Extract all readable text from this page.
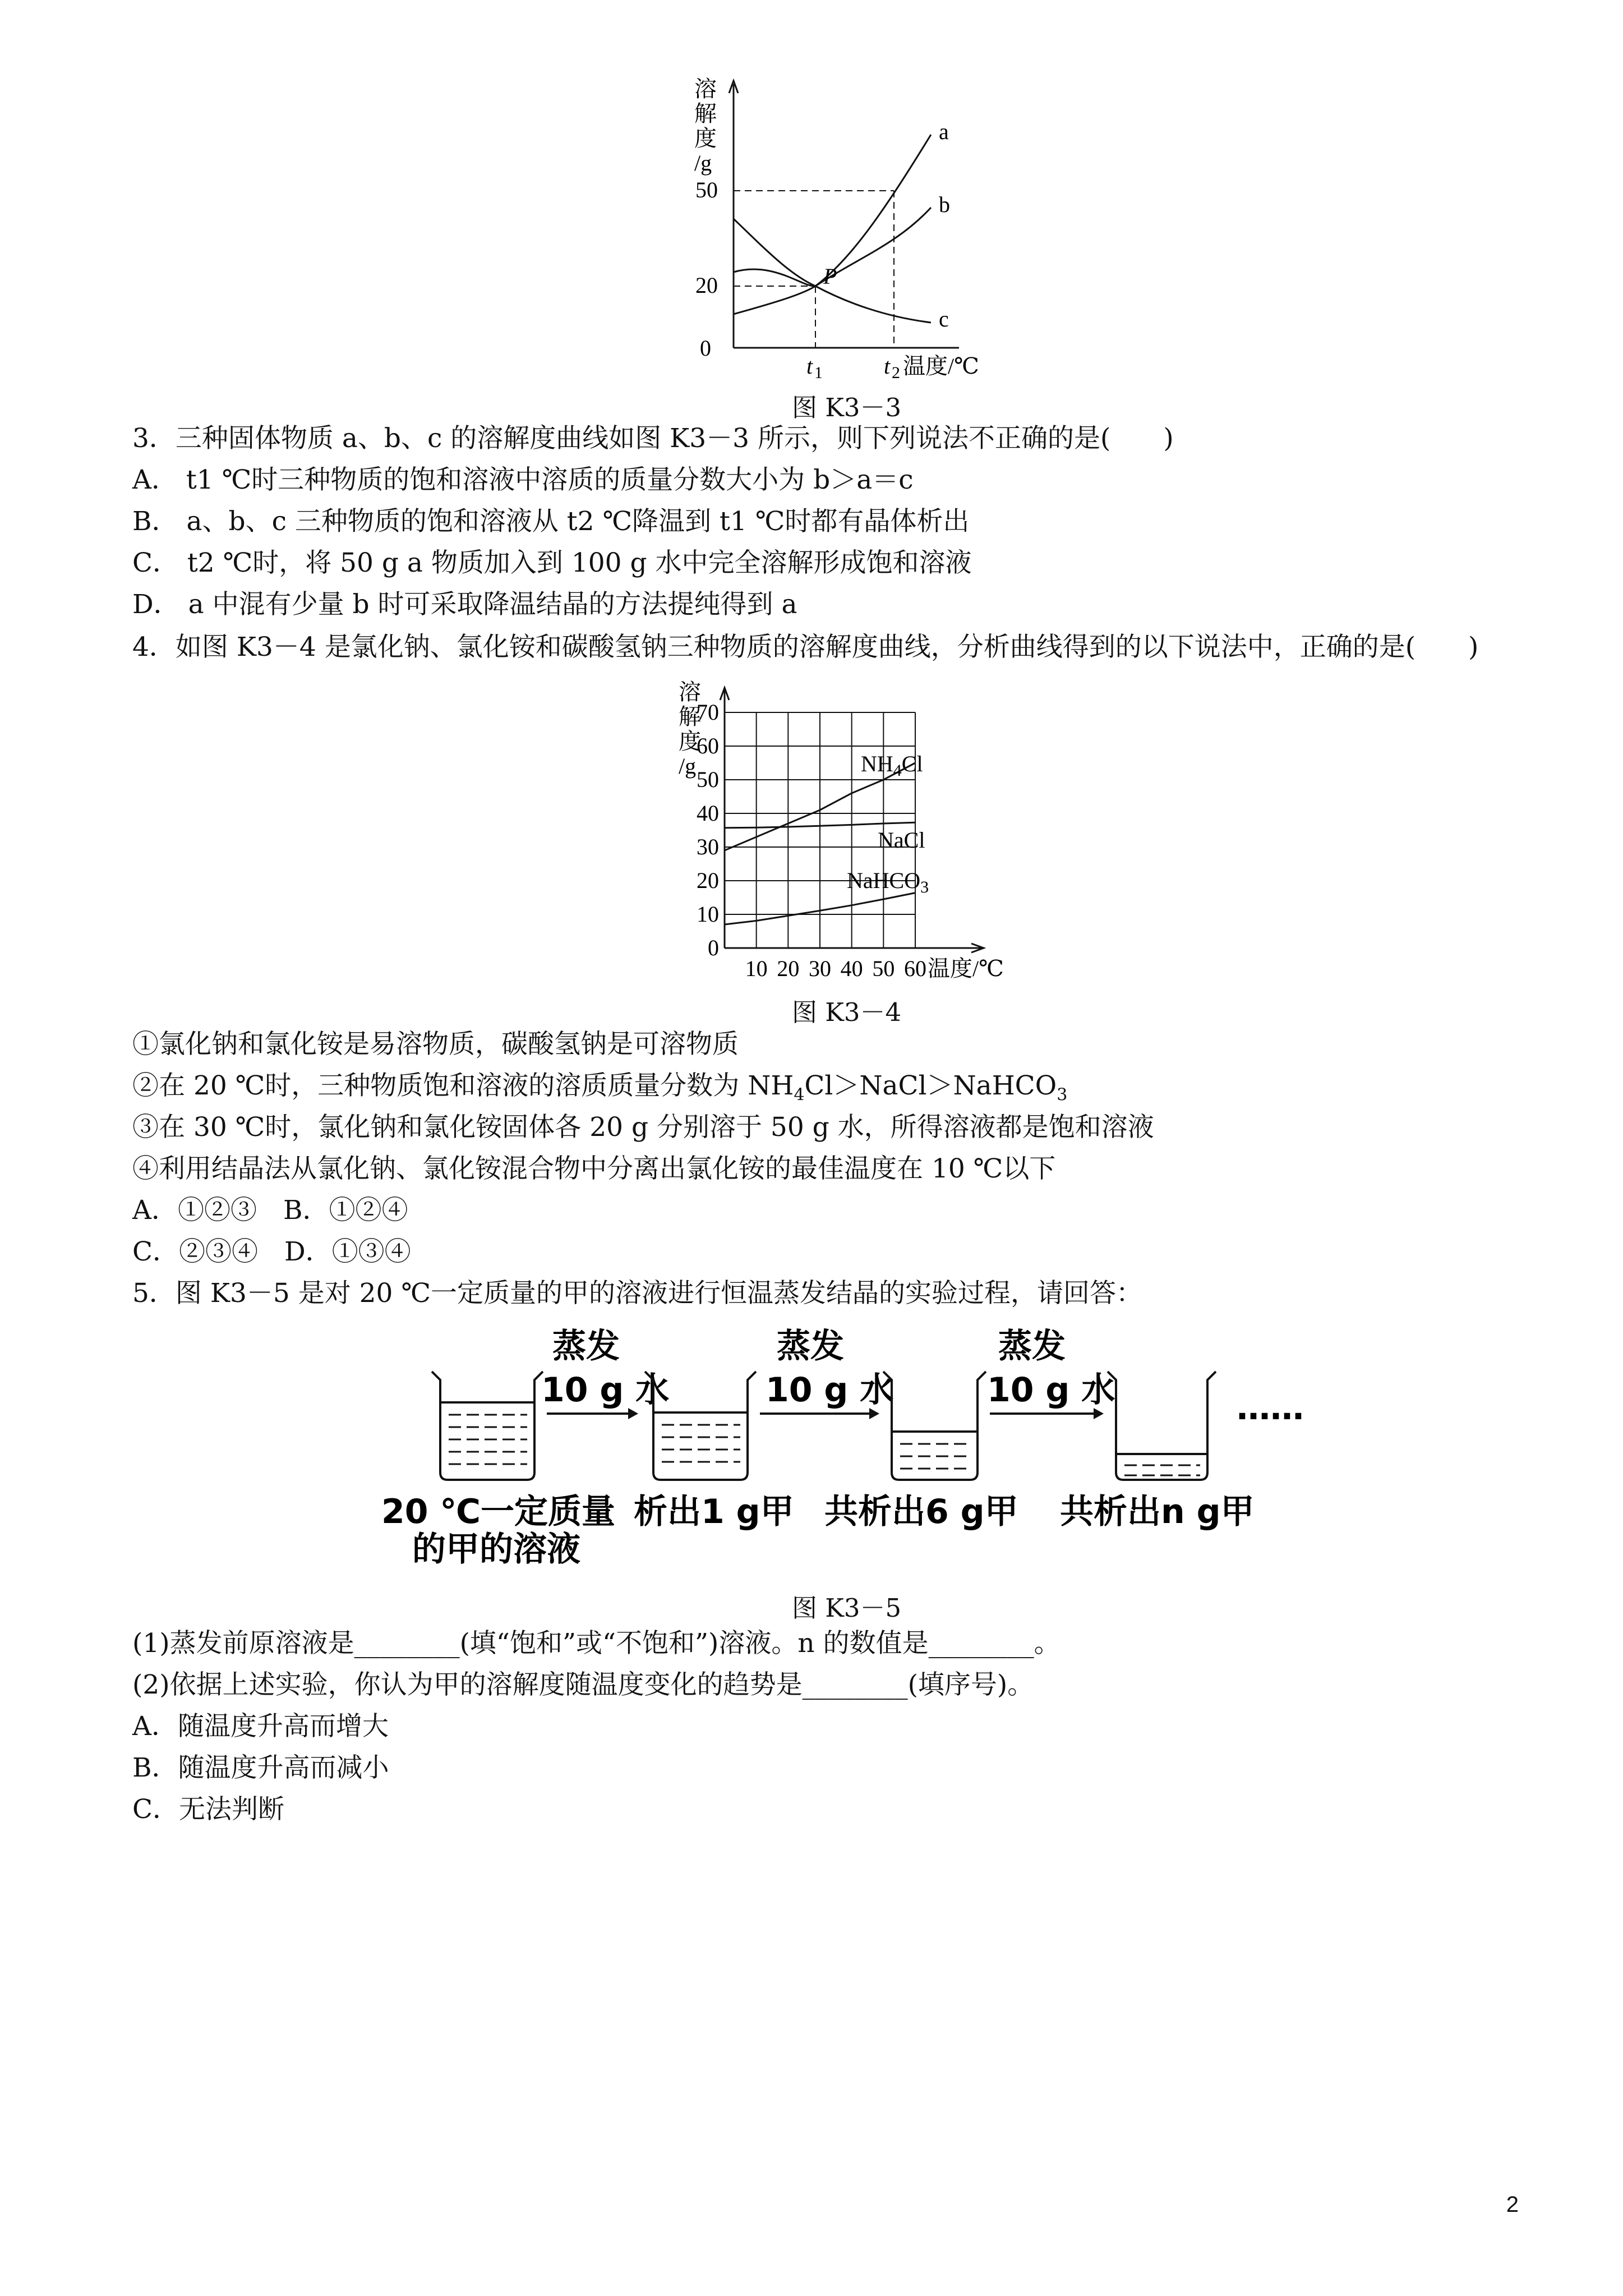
溶
解
度
/g
50
20
0
a
b
c
P
t 1	t 2 温度/℃
图 K3－3
3．三种固体物质 a、b、c 的溶解度曲线如图 K3－3 所示，则下列说法不正确的是(　　)
A． t1 ℃时三种物质的饱和溶液中溶质的质量分数大小为 b＞a＝c
B． a、b、c 三种物质的饱和溶液从 t2 ℃降温到 t1 ℃时都有晶体析出
C． t2 ℃时，将 50 g a 物质加入到 100 g 水中完全溶解形成饱和溶液
D． a 中混有少量 b 时可采取降温结晶的方法提纯得到 a
4．如图 K3－4 是氯化钠、氯化铵和碳酸氢钠三种物质的溶解度曲线，分析曲线得到的以下说法中，正确的是(　　)
溶
解
度
/g
70
60
50
40
30
20
10
0
10 20 30 40 50 60 温度/℃
$NH_4Cl$
NaCl
NaHCO$_3$
图 K3－4
①氯化钠和氯化铵是易溶物质，碳酸氢钠是可溶物质
②在 20 ℃时，三种物质饱和溶液的溶质质量分数为 $NH_4Cl>NaCl>NaHCO_3$
③在 30 ℃时，氯化钠和氯化铵固体各 20 g 分别溶于 50 g 水，所得溶液都是饱和溶液
④利用结晶法从氯化钠、氯化铵混合物中分离出氯化铵的最佳温度在 10 ℃以下
A．①②③　B．①②④
C．②③④　D．①③④
5．图 K3－5 是对 20 ℃一定质量的甲的溶液进行恒温蒸发结晶的实验过程，请回答：
蒸发
10 g 水
蒸发
10 g 水
蒸发
10 g 水	……
20 ℃一定质量
的甲的溶液
析出1 g甲 共析出6 g甲 共析出n g甲
图 K3－5
(1)蒸发前原溶液是________(填“饱和”或“不饱和”)溶液。n 的数值是________。
(2)依据上述实验，你认为甲的溶解度随温度变化的趋势是________(填序号)。
A．随温度升高而增大
B．随温度升高而减小
C．无法判断
2
